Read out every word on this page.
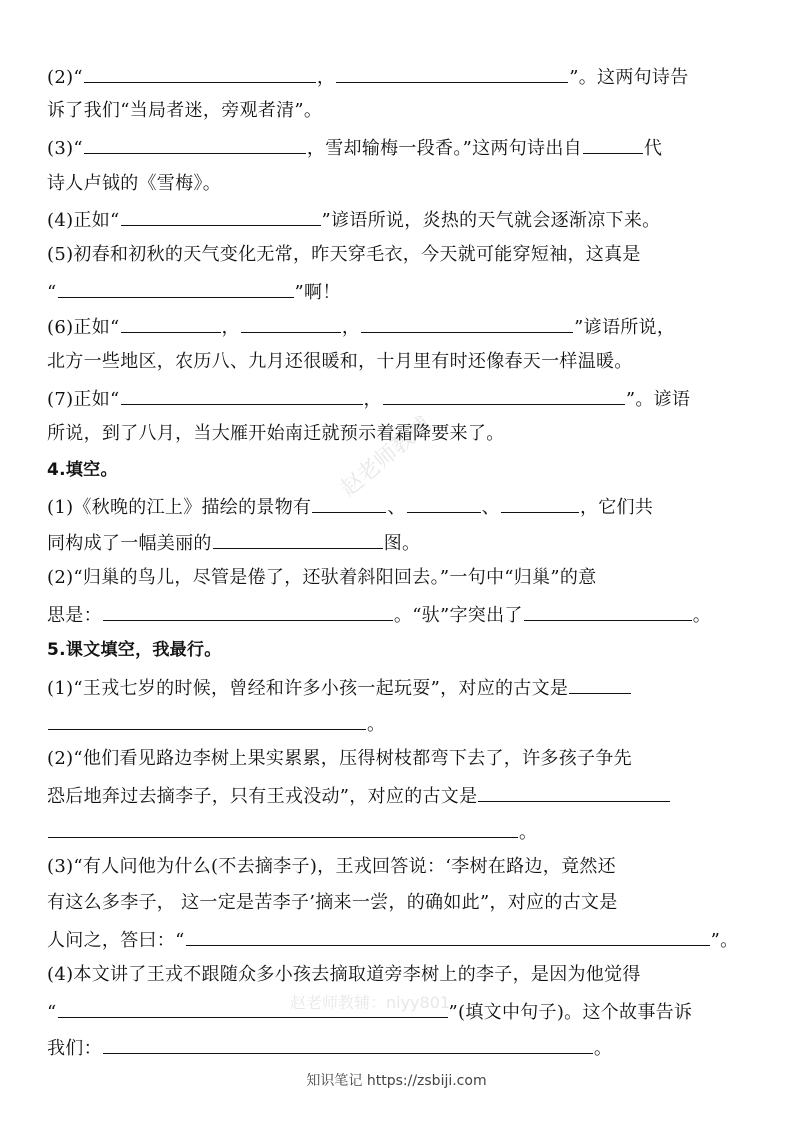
赵老师教辅
赵老师教辅：niyy801
(2)“	，	”。这两句诗告
诉了我们“当局者迷，旁观者清”。
(3)“	，雪却输梅一段香。”这两句诗出自	代
诗人卢钺的《雪梅》。
(4)正如“	”谚语所说，炎热的天气就会逐渐凉下来。
(5)初春和初秋的天气变化无常，昨天穿毛衣，今天就可能穿短袖，这真是
“	”啊！
(6)正如“	，	，	”谚语所说，
北方一些地区，农历八、九月还很暖和，十月里有时还像春天一样温暖。
(7)正如“	，	”。谚语
所说，到了八月，当大雁开始南迁就预示着霜降要来了。
4.填空。
(1)《秋晚的江上》描绘的景物有	、	、	，它们共
同构成了一幅美丽的	图。
(2)“归巢的鸟儿，尽管是倦了，还驮着斜阳回去。”一句中“归巢”的意
思是：	。“驮”字突出了	。
5.课文填空，我最行。
(1)“王戎七岁的时候，曾经和许多小孩一起玩耍”，对应的古文是
。
(2)“他们看见路边李树上果实累累，压得树枝都弯下去了，许多孩子争先
恐后地奔过去摘李子，只有王戎没动”，对应的古文是
。
(3)“有人问他为什么(不去摘李子)，王戎回答说：‘李树在路边，竟然还
有这么多李子， 这一定是苦李子’摘来一尝，的确如此”，对应的古文是
人问之，答曰：“	”。
(4)本文讲了王戎不跟随众多小孩去摘取道旁李树上的李子，是因为他觉得
“	”(填文中句子)。这个故事告诉
我们：	。
知识笔记 https://zsbiji.com
